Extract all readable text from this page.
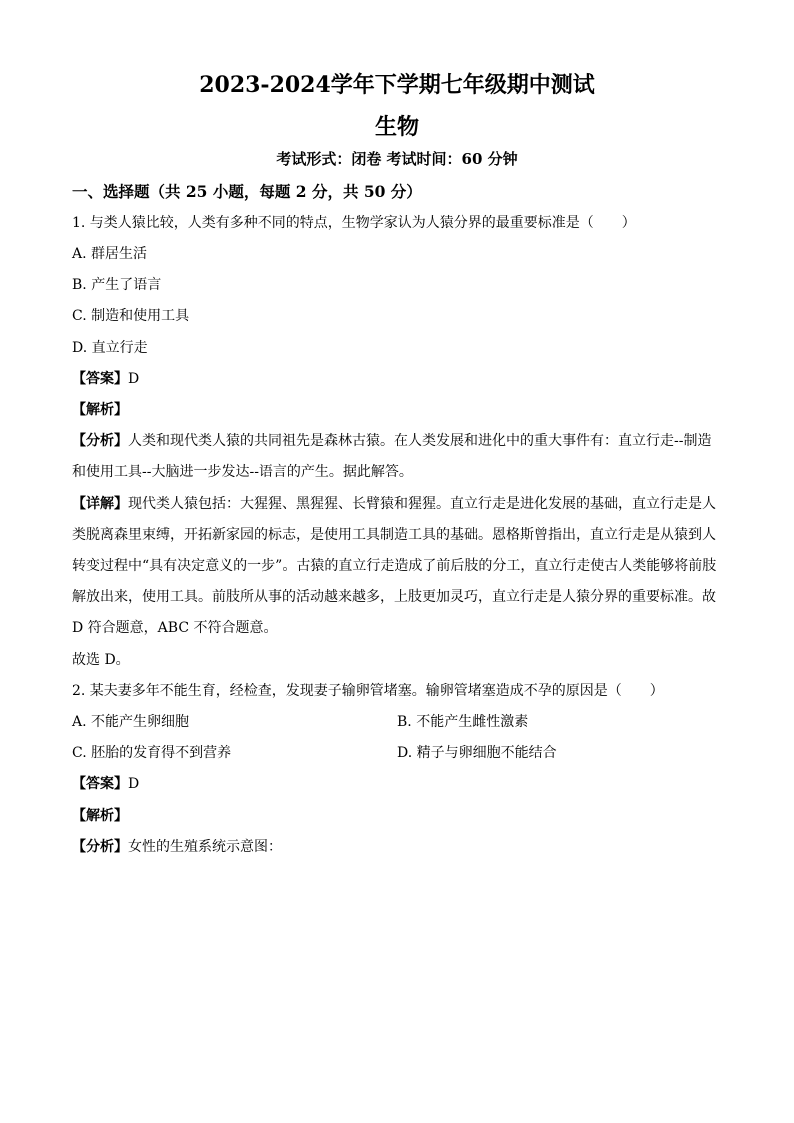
2023-2024学年下学期七年级期中测试
生物
考试形式：闭卷 考试时间：60 分钟
一、选择题（共 25 小题，每题 2 分，共 50 分）
1. 与类人猿比较，人类有多种不同的特点，生物学家认为人猿分界的最重要标准是（　　）
A. 群居生活
B. 产生了语言
C. 制造和使用工具
D. 直立行走
【答案】D
【解析】
【分析】人类和现代类人猿的共同祖先是森林古猿。在人类发展和进化中的重大事件有：直立行走--制造
和使用工具--大脑进一步发达--语言的产生。据此解答。
【详解】现代类人猿包括：大猩猩、黑猩猩、长臂猿和猩猩。直立行走是进化发展的基础，直立行走是人
类脱离森里束缚，开拓新家园的标志，是使用工具制造工具的基础。恩格斯曾指出，直立行走是从猿到人
转变过程中“具有决定意义的一步”。古猿的直立行走造成了前后肢的分工，直立行走使古人类能够将前肢
解放出来，使用工具。前肢所从事的活动越来越多，上肢更加灵巧，直立行走是人猿分界的重要标准。故
D 符合题意，ABC 不符合题意。
故选 D。
2. 某夫妻多年不能生育，经检查，发现妻子输卵管堵塞。输卵管堵塞造成不孕的原因是（　　）
A. 不能产生卵细胞	B. 不能产生雌性激素
C. 胚胎的发育得不到营养	D. 精子与卵细胞不能结合
【答案】D
【解析】
【分析】女性的生殖系统示意图：
